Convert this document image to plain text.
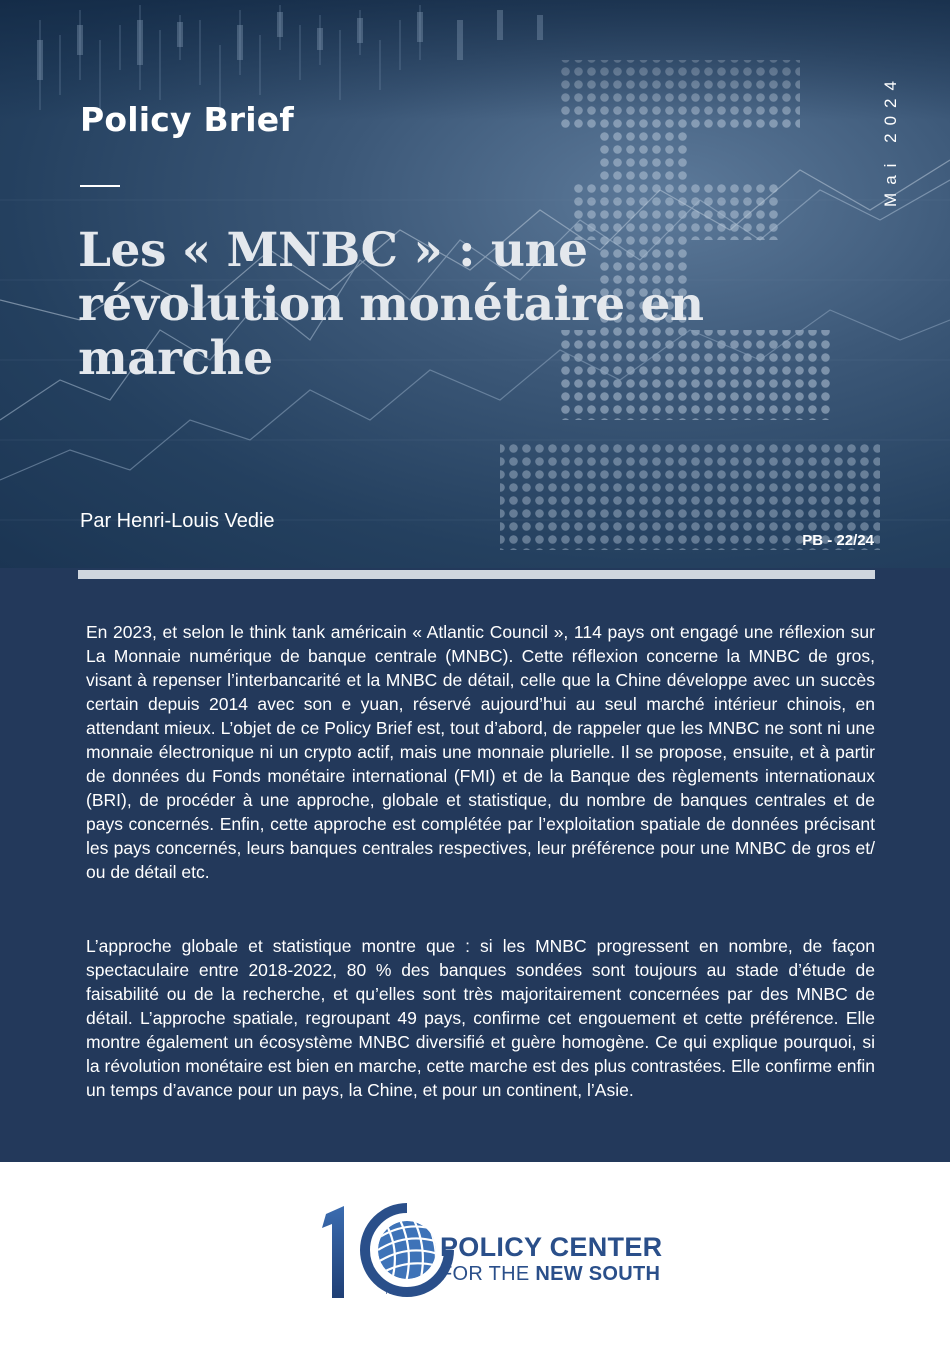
Policy Brief
Les « MNBC » : une révolution monétaire en marche
Mai 2024
Par Henri-Louis Vedie
PB - 22/24

En 2023, et selon le think tank américain « Atlantic Council », 114 pays ont engagé une réflexion sur La Monnaie numérique de banque centrale (MNBC). Cette réflexion concerne la MNBC de gros, visant à repenser l’interbancarité et la MNBC de détail, celle que la Chine développe avec un succès certain depuis 2014 avec son e yuan, réservé aujourd’hui au seul marché intérieur chinois, en attendant mieux. L’objet de ce Policy Brief est, tout d’abord, de rappeler que les MNBC ne sont ni une monnaie électronique ni un crypto actif, mais une monnaie plurielle. Il se propose, ensuite, et à partir de données du Fonds monétaire international (FMI) et de la Banque des règlements internationaux (BRI), de procéder à une approche, globale et statistique, du nombre de banques centrales et de pays concernés. Enfin, cette approche est complétée par l’exploitation spatiale de données précisant les pays concernés, leurs banques centrales respectives, leur préférence pour une MNBC de gros et/ ou de détail etc.

L’approche globale et statistique montre que : si les MNBC progressent en nombre, de façon spectaculaire entre 2018-2022, 80 % des banques sondées sont toujours au stade d’étude de faisabilité ou de la recherche, et qu’elles sont très majoritairement concernées par des MNBC de détail. L’approche spatiale, regroupant 49 pays, confirme cet engouement et cette préférence. Elle montre également un écosystème MNBC diversifié et guère homogène. Ce qui explique pourquoi, si la révolution monétaire est bien en marche, cette marche est des plus contrastées. Elle confirme enfin un temps d’avance pour un pays, la Chine, et pour un continent, l’Asie.

YEARS
POLICY CENTER
FOR THE NEW SOUTH
